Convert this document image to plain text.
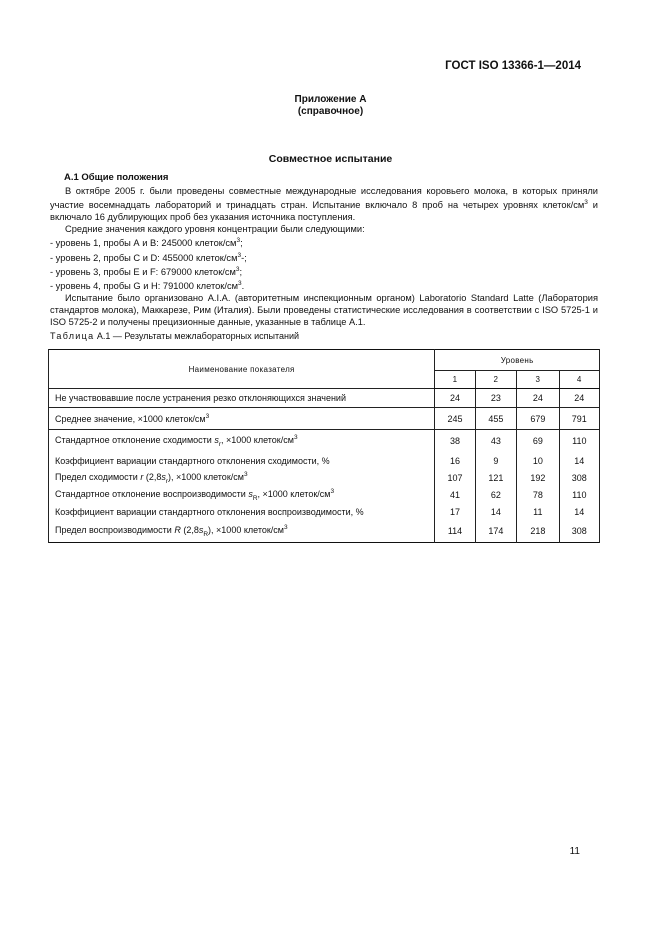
ГОСТ ISO 13366-1—2014
Приложение А
(справочное)
Совместное испытание
А.1 Общие положения

В октябре 2005 г. были проведены совместные международные исследования коровьего молока, в которых приняли участие восемнадцать лабораторий и тринадцать стран. Испытание включало 8 проб на четырех уровнях клеток/$см^3$ и включало 16 дублирующих проб без указания источника поступления.

Средние значения каждого уровня концентрации были следующими:

- уровень 1, пробы А и В: 245000 клеток/$см^3$;

- уровень 2, пробы С и D: 455000 клеток/$см^3-$;

- уровень 3, пробы Е и F: 679000 клеток/$см^3$;

- уровень 4, пробы G и H: 791000 клеток/$см^3$.

Испытание было организовано A.I.A. (авторитетным инспекционным органом) Laboratorio Standard Latte (Лаборатория стандартов молока), Маккарезе, Рим (Италия). Были проведены статистические исследования в соответствии с ISO 5725-1 и ISO 5725-2 и получены прецизионные данные, указанные в таблице А.1.

Таблица А.1 — Результаты межлабораторных испытаний
Наименование показателя	Уровень			
	1	2	3	4
Не участвовавшие после устранения резко отклоняющихся значений	24	23	24	24
Среднее значение, ×1000 клеток/$см^3$	245	455	679	791
Стандартное отклонение сходимости $s_r$, ×1000 клеток/$см^3$	38	43	69	110
Коэффициент вариации стандартного отклонения сходимости, %	16	9	10	14
Предел сходимости r $(2,8s_r)$, ×1000 клеток/$см^3$	107	121	192	308
Стандартное отклонение воспроизводимости $s_R$, ×1000 клеток/$см^3$	41	62	78	110
Коэффициент вариации стандартного отклонения воспроизводимости, %	17	14	11	14
Предел воспроизводимости R $(2,8s_R)$, ×1000 клеток/$см^3$	114	174	218	308
11
